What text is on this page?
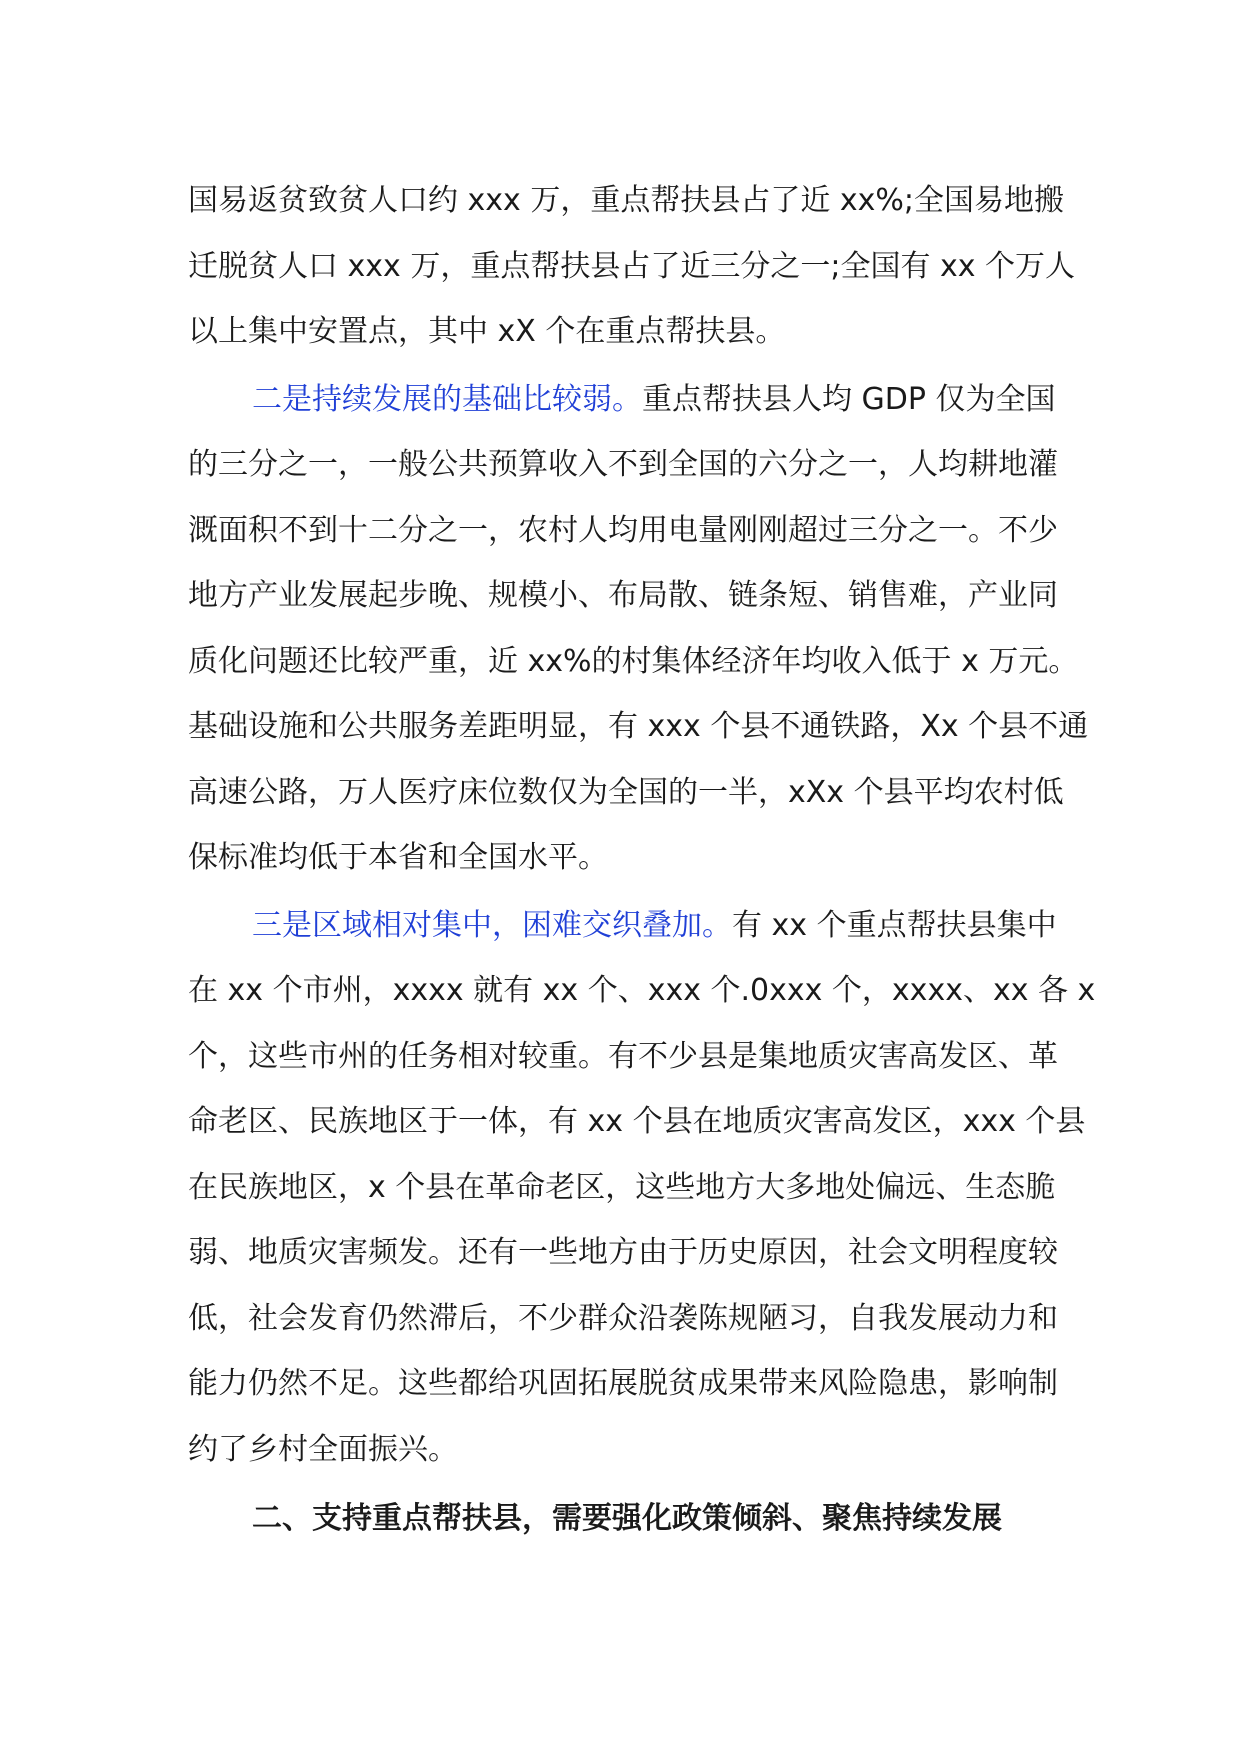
国易返贫致贫人口约 xxx 万，重点帮扶县占了近 xx%;全国易地搬
迁脱贫人口 xxx 万，重点帮扶县占了近三分之一;全国有 xx 个万人
以上集中安置点，其中 xX 个在重点帮扶县。
二是持续发展的基础比较弱。重点帮扶县人均 GDP 仅为全国
的三分之一，一般公共预算收入不到全国的六分之一，人均耕地灌
溉面积不到十二分之一，农村人均用电量刚刚超过三分之一。不少
地方产业发展起步晚、规模小、布局散、链条短、销售难，产业同
质化问题还比较严重，近 xx%的村集体经济年均收入低于 x 万元。
基础设施和公共服务差距明显，有 xxx 个县不通铁路，Xx 个县不通
高速公路，万人医疗床位数仅为全国的一半，xXx 个县平均农村低
保标准均低于本省和全国水平。
三是区域相对集中，困难交织叠加。有 xx 个重点帮扶县集中
在 xx 个市州，xxxx 就有 xx 个、xxx 个.0xxx 个，xxxx、xx 各 x
个，这些市州的任务相对较重。有不少县是集地质灾害高发区、革
命老区、民族地区于一体，有 xx 个县在地质灾害高发区，xxx 个县
在民族地区，x 个县在革命老区，这些地方大多地处偏远、生态脆
弱、地质灾害频发。还有一些地方由于历史原因，社会文明程度较
低，社会发育仍然滞后，不少群众沿袭陈规陋习，自我发展动力和
能力仍然不足。这些都给巩固拓展脱贫成果带来风险隐患，影响制
约了乡村全面振兴。
二、支持重点帮扶县，需要强化政策倾斜、聚焦持续发展
